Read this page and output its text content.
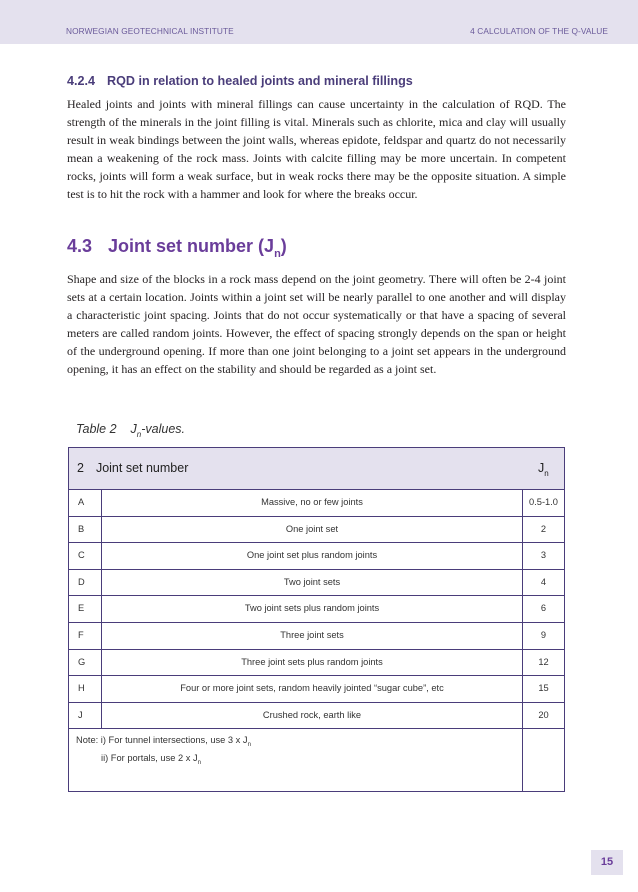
NORWEGIAN GEOTECHNICAL INSTITUTE	4 CALCULATION OF THE Q-VALUE
4.2.4 RQD in relation to healed joints and mineral fillings

Healed joints and joints with mineral fillings can cause uncertainty in the calculation of RQD. The strength of the minerals in the joint filling is vital. Minerals such as chlorite, mica and clay will usually result in weak bindings between the joint walls, whereas epidote, feldspar and quartz do not necessarily mean a weakening of the rock mass. Joints with calcite filling may be more uncertain. In competent rocks, joints will form a weak surface, but in weak rocks there may be the opposite situation. A simple test is to hit the rock with a hammer and look for where the breaks occur.

4.3 Joint set number $(J_n)$

Shape and size of the blocks in a rock mass depend on the joint geometry. There will often be 2-4 joint sets at a certain location. Joints within a joint set will be nearly parallel to one another and will display a characteristic joint spacing. Joints that do not occur systematically or that have a spacing of several meters are called random joints. However, the effect of spacing strongly depends on the span or height of the underground opening. If more than one joint belonging to a joint set appears in the underground opening, it has an effect on the stability and should be regarded as a joint set.

Table 2 $J_n$-values.
2 Joint set number	$J_n$
A	Massive, no or few joints	0.5-1.0
B	One joint set	2
C	One joint set plus random joints	3
D	Two joint sets	4
E	Two joint sets plus random joints	6
F	Three joint sets	9
G	Three joint sets plus random joints	12
H	Four or more joint sets, random heavily jointed “sugar cube”, etc	15
J	Crushed rock, earth like	20
Note: i) For tunnel intersections, use 3 x $J_n$
ii) For portals, use 2 x $J_n$
15
